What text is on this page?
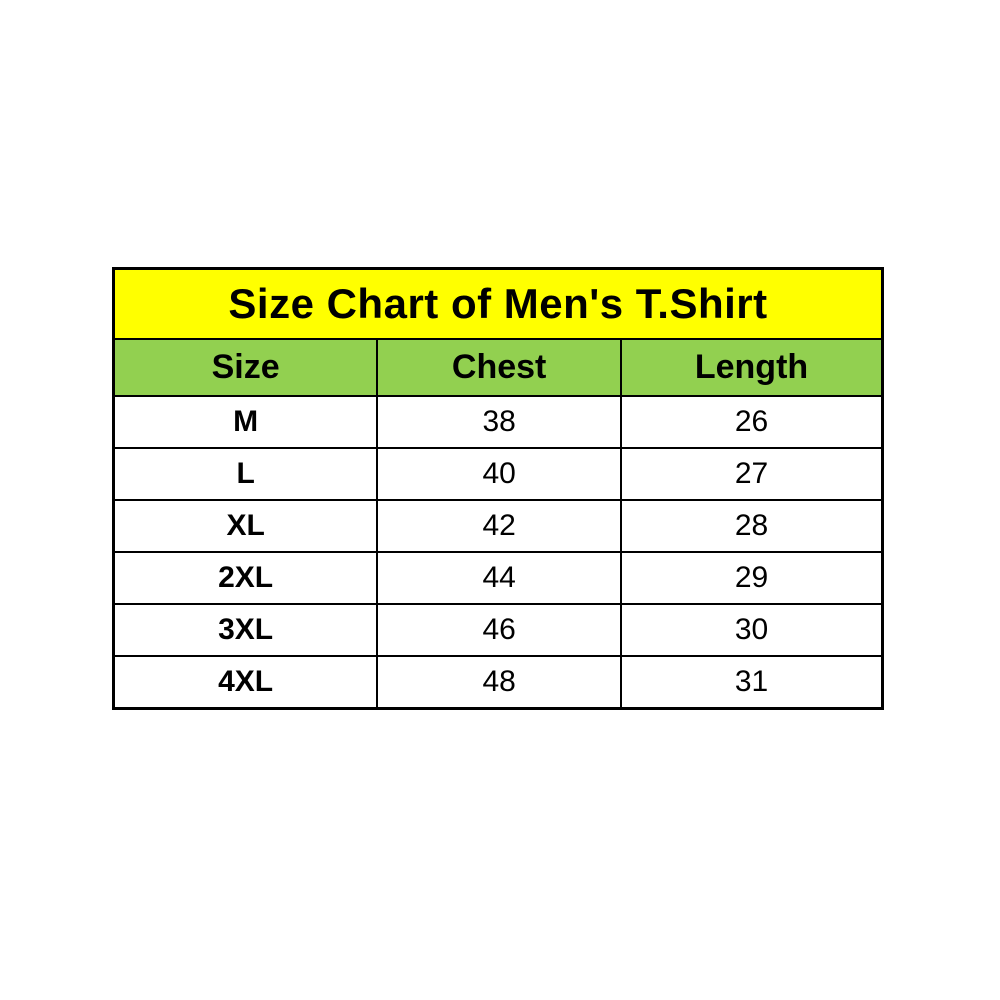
Size Chart of Men's T.Shirt		
Size	Chest	Length
M	38	26
L	40	27
XL	42	28
2XL	44	29
3XL	46	30
4XL	48	31
